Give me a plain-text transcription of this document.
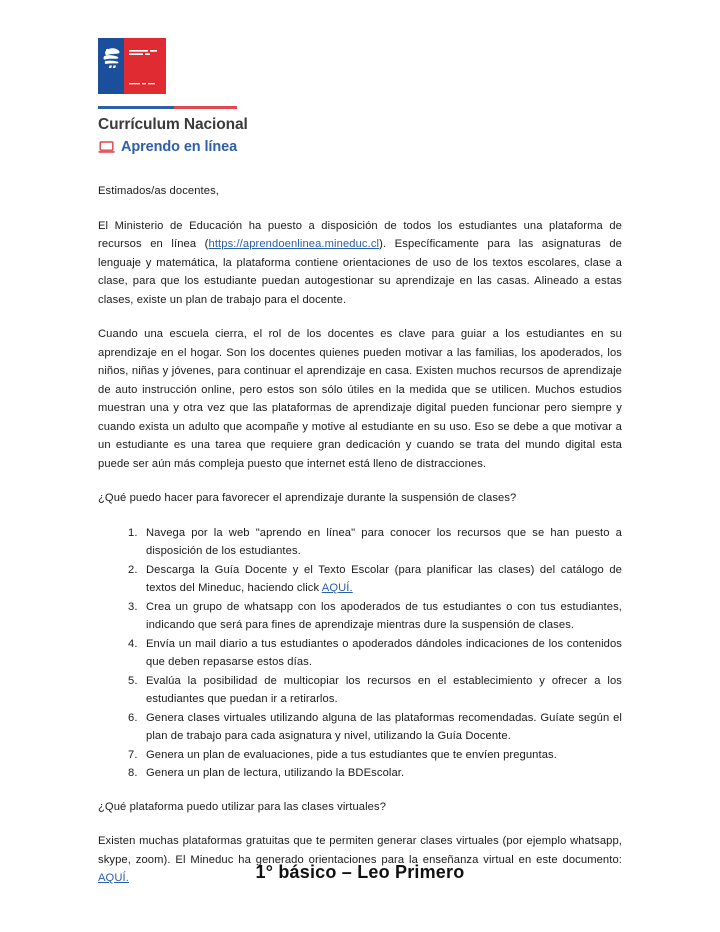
Currículum Nacional
Aprendo en línea

Estimados/as docentes,

El Ministerio de Educación ha puesto a disposición de todos los estudiantes una plataforma de recursos en línea (https://aprendoenlinea.mineduc.cl). Específicamente para las asignaturas de lenguaje y matemática, la plataforma contiene orientaciones de uso de los textos escolares, clase a clase, para que los estudiante puedan autogestionar su aprendizaje en las casas. Alineado a estas clases, existe un plan de trabajo para el docente.

Cuando una escuela cierra, el rol de los docentes es clave para guiar a los estudiantes en su aprendizaje en el hogar. Son los docentes quienes pueden motivar a las familias, los apoderados, los niños, niñas y jóvenes, para continuar el aprendizaje en casa. Existen muchos recursos de aprendizaje de auto instrucción online, pero estos son sólo útiles en la medida que se utilicen. Muchos estudios muestran una y otra vez que las plataformas de aprendizaje digital pueden funcionar pero siempre y cuando exista un adulto que acompañe y motive al estudiante en su uso. Eso se debe a que motivar a un estudiante es una tarea que requiere gran dedicación y cuando se trata del mundo digital esta puede ser aún más compleja puesto que internet está lleno de distracciones.

¿Qué puedo hacer para favorecer el aprendizaje durante la suspensión de clases?

Navega por la web "aprendo en línea" para conocer los recursos que se han puesto a disposición de los estudiantes.
Descarga la Guía Docente y el Texto Escolar (para planificar las clases) del catálogo de textos del Mineduc, haciendo click AQUÍ.
Crea un grupo de whatsapp con los apoderados de tus estudiantes o con tus estudiantes, indicando que será para fines de aprendizaje mientras dure la suspensión de clases.
Envía un mail diario a tus estudiantes o apoderados dándoles indicaciones de los contenidos que deben repasarse estos días.
Evalúa la posibilidad de multicopiar los recursos en el establecimiento y ofrecer a los estudiantes que puedan ir a retirarlos.
Genera clases virtuales utilizando alguna de las plataformas recomendadas. Guíate según el plan de trabajo para cada asignatura y nivel, utilizando la Guía Docente.
Genera un plan de evaluaciones, pide a tus estudiantes que te envíen preguntas.
Genera un plan de lectura, utilizando la BDEscolar.

¿Qué plataforma puedo utilizar para las clases virtuales?

Existen muchas plataformas gratuitas que te permiten generar clases virtuales (por ejemplo whatsapp, skype, zoom). El Mineduc ha generado orientaciones para la enseñanza virtual en este documento: AQUÍ.	1° básico – Leo Primero
